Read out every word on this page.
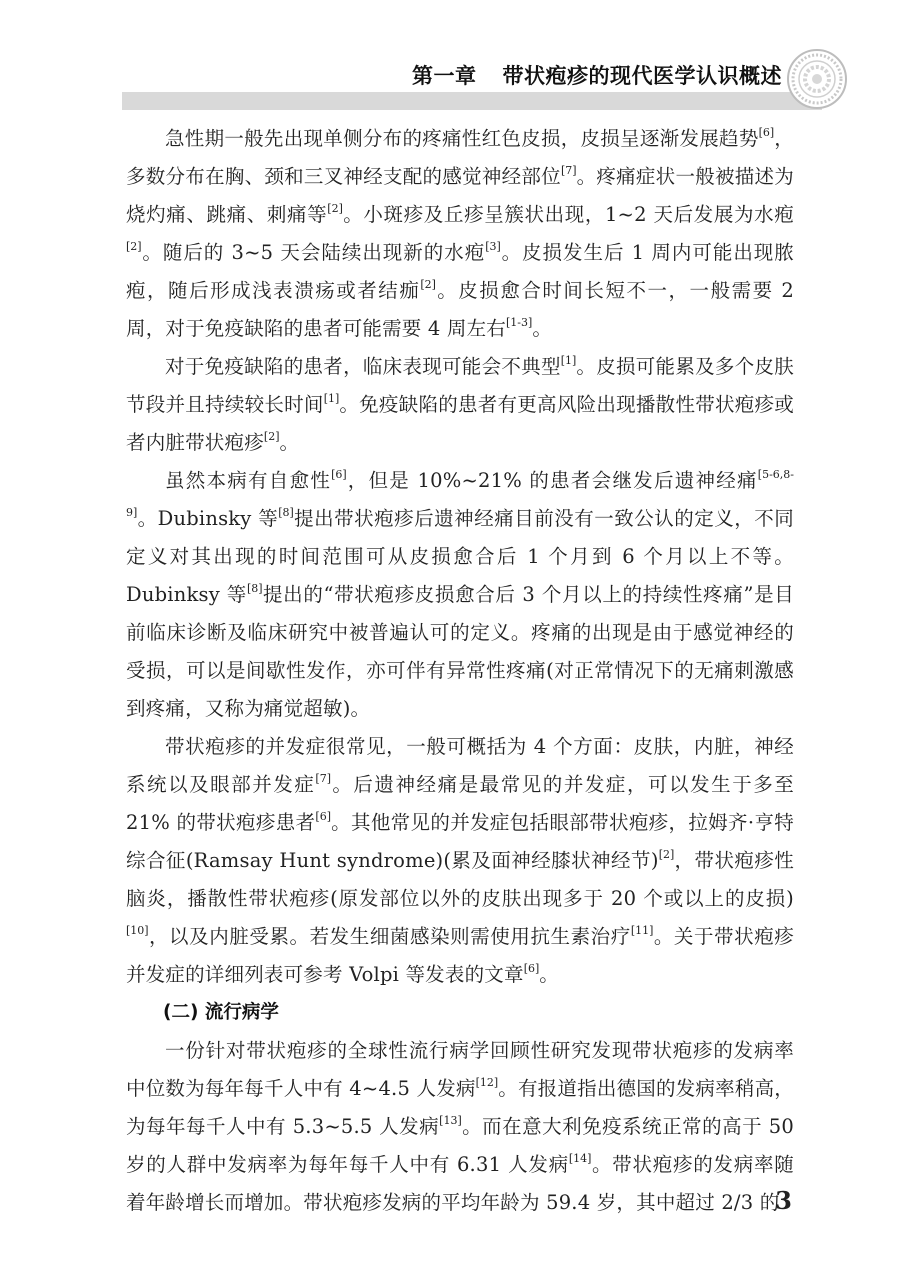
第一章 带状疱疹的现代医学认识概述

急性期一般先出现单侧分布的疼痛性红色皮损，皮损呈逐渐发展趋势[6]，多数分布在胸、颈和三叉神经支配的感觉神经部位[7]。疼痛症状一般被描述为烧灼痛、跳痛、刺痛等[2]。小斑疹及丘疹呈簇状出现，1~2 天后发展为水疱[2]。随后的 3~5 天会陆续出现新的水疱[3]。皮损发生后 1 周内可能出现脓疱，随后形成浅表溃疡或者结痂[2]。皮损愈合时间长短不一，一般需要 2 周，对于免疫缺陷的患者可能需要 4 周左右[1-3]。

对于免疫缺陷的患者，临床表现可能会不典型[1]。皮损可能累及多个皮肤节段并且持续较长时间[1]。免疫缺陷的患者有更高风险出现播散性带状疱疹或者内脏带状疱疹[2]。

虽然本病有自愈性[6]，但是 10%~21% 的患者会继发后遗神经痛[5-6,8-9]。Dubinsky 等[8]提出带状疱疹后遗神经痛目前没有一致公认的定义，不同定义对其出现的时间范围可从皮损愈合后 1 个月到 6 个月以上不等。Dubinksy 等[8]提出的“带状疱疹皮损愈合后 3 个月以上的持续性疼痛”是目前临床诊断及临床研究中被普遍认可的定义。疼痛的出现是由于感觉神经的受损，可以是间歇性发作，亦可伴有异常性疼痛(对正常情况下的无痛刺激感到疼痛，又称为痛觉超敏)。

带状疱疹的并发症很常见，一般可概括为 4 个方面：皮肤，内脏，神经系统以及眼部并发症[7]。后遗神经痛是最常见的并发症，可以发生于多至 21% 的带状疱疹患者[6]。其他常见的并发症包括眼部带状疱疹，拉姆齐·亨特综合征(Ramsay Hunt syndrome)(累及面神经膝状神经节)[2]，带状疱疹性脑炎，播散性带状疱疹(原发部位以外的皮肤出现多于 20 个或以上的皮损)[10]，以及内脏受累。若发生细菌感染则需使用抗生素治疗[11]。关于带状疱疹并发症的详细列表可参考 Volpi 等发表的文章[6]。

(二) 流行病学

一份针对带状疱疹的全球性流行病学回顾性研究发现带状疱疹的发病率中位数为每年每千人中有 4~4.5 人发病[12]。有报道指出德国的发病率稍高，为每年每千人中有 5.3~5.5 人发病[13]。而在意大利免疫系统正常的高于 50 岁的人群中发病率为每年每千人中有 6.31 人发病[14]。带状疱疹的发病率随着年龄增长而增加。带状疱疹发病的平均年龄为 59.4 岁，其中超过 2/3 的

3
